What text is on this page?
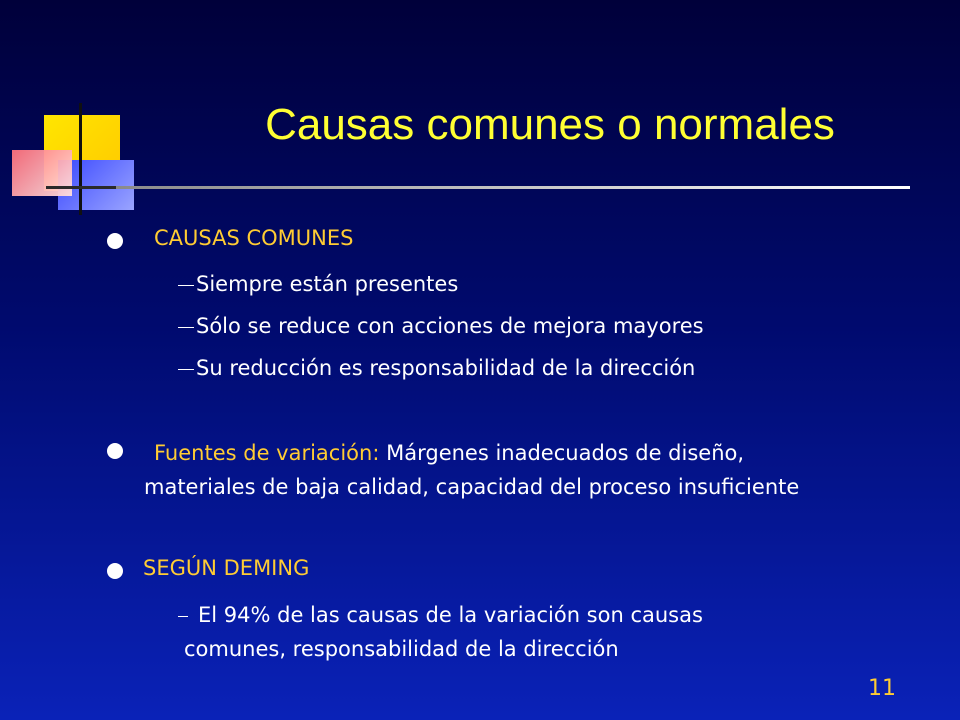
Causas comunes o normales
CAUSAS COMUNES
Siempre están presentes
Sólo se reduce con acciones de mejora mayores
Su reducción es responsabilidad de la dirección
Fuentes de variación: Márgenes inadecuados de diseño,
materiales de baja calidad, capacidad del proceso insuficiente
SEGÚN DEMING
El 94% de las causas de la variación son causas
comunes, responsabilidad de la dirección
11
